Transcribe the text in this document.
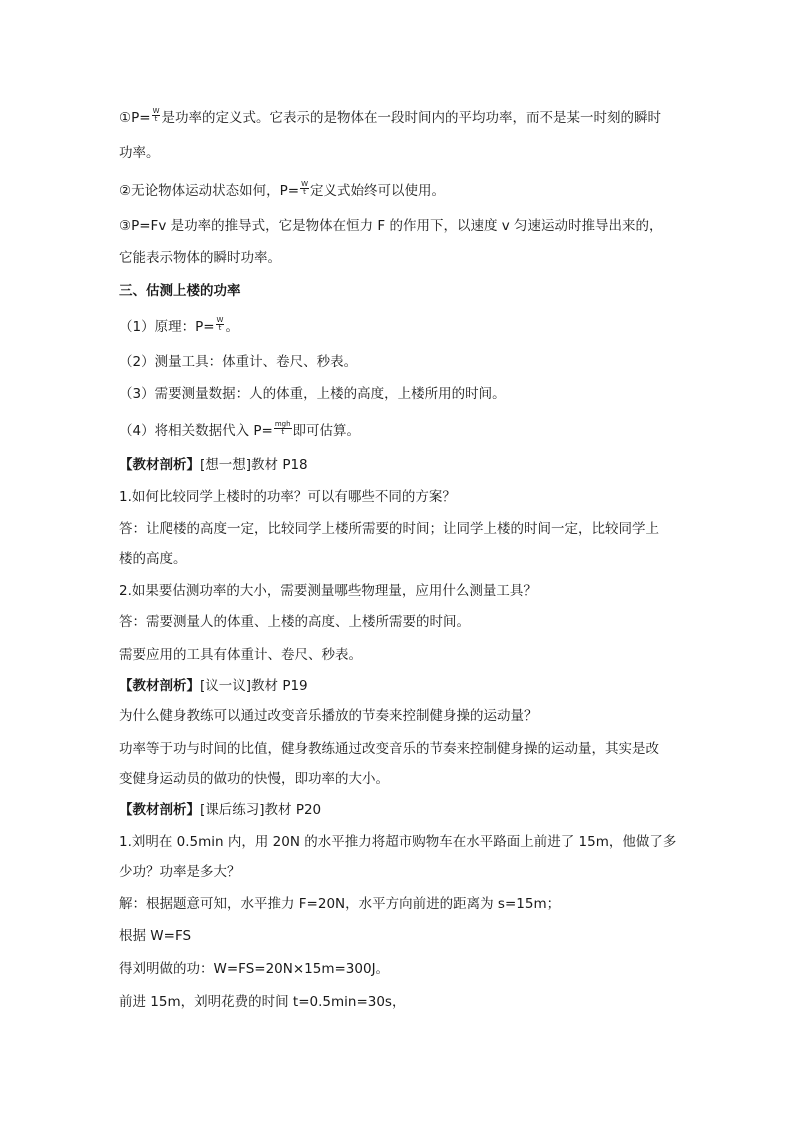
①P= $\frac{W}{t}$ 是功率的定义式。它表示的是物体在一段时间内的平均功率，而不是某一时刻的瞬时

功率。

②无论物体运动状态如何，$P= \frac{W}{t}$ 定义式始终可以使用。

③P=Fv 是功率的推导式，它是物体在恒力 F 的作用下，以速度 v 匀速运动时推导出来的，

它能表示物体的瞬时功率。

三、估测上楼的功率

（1）原理：$P= \frac{W}{t}$ 。

（2）测量工具：体重计、卷尺、秒表。

（3）需要测量数据：人的体重，上楼的高度，上楼所用的时间。

（4）将相关数据代入 $P= \frac{\text{mgh}}{t}$ 即可估算。

【教材剖析】[想一想]教材 P18

1.如何比较同学上楼时的功率？可以有哪些不同的方案？

答：让爬楼的高度一定，比较同学上楼所需要的时间；让同学上楼的时间一定，比较同学上

楼的高度。

2.如果要估测功率的大小，需要测量哪些物理量，应用什么测量工具？

答：需要测量人的体重、上楼的高度、上楼所需要的时间。

需要应用的工具有体重计、卷尺、秒表。

【教材剖析】[议一议]教材 P19

为什么健身教练可以通过改变音乐播放的节奏来控制健身操的运动量？

功率等于功与时间的比值，健身教练通过改变音乐的节奏来控制健身操的运动量，其实是改

变健身运动员的做功的快慢，即功率的大小。

【教材剖析】[课后练习]教材 P20

1.刘明在 0.5min 内，用 20N 的水平推力将超市购物车在水平路面上前进了 15m，他做了多

少功？功率是多大？

解：根据题意可知，水平推力 F=20N，水平方向前进的距离为 s=15m；

根据 W=FS

得刘明做的功：W=FS=20N×15m=300J。

前进 15m，刘明花费的时间 t=0.5min=30s，
